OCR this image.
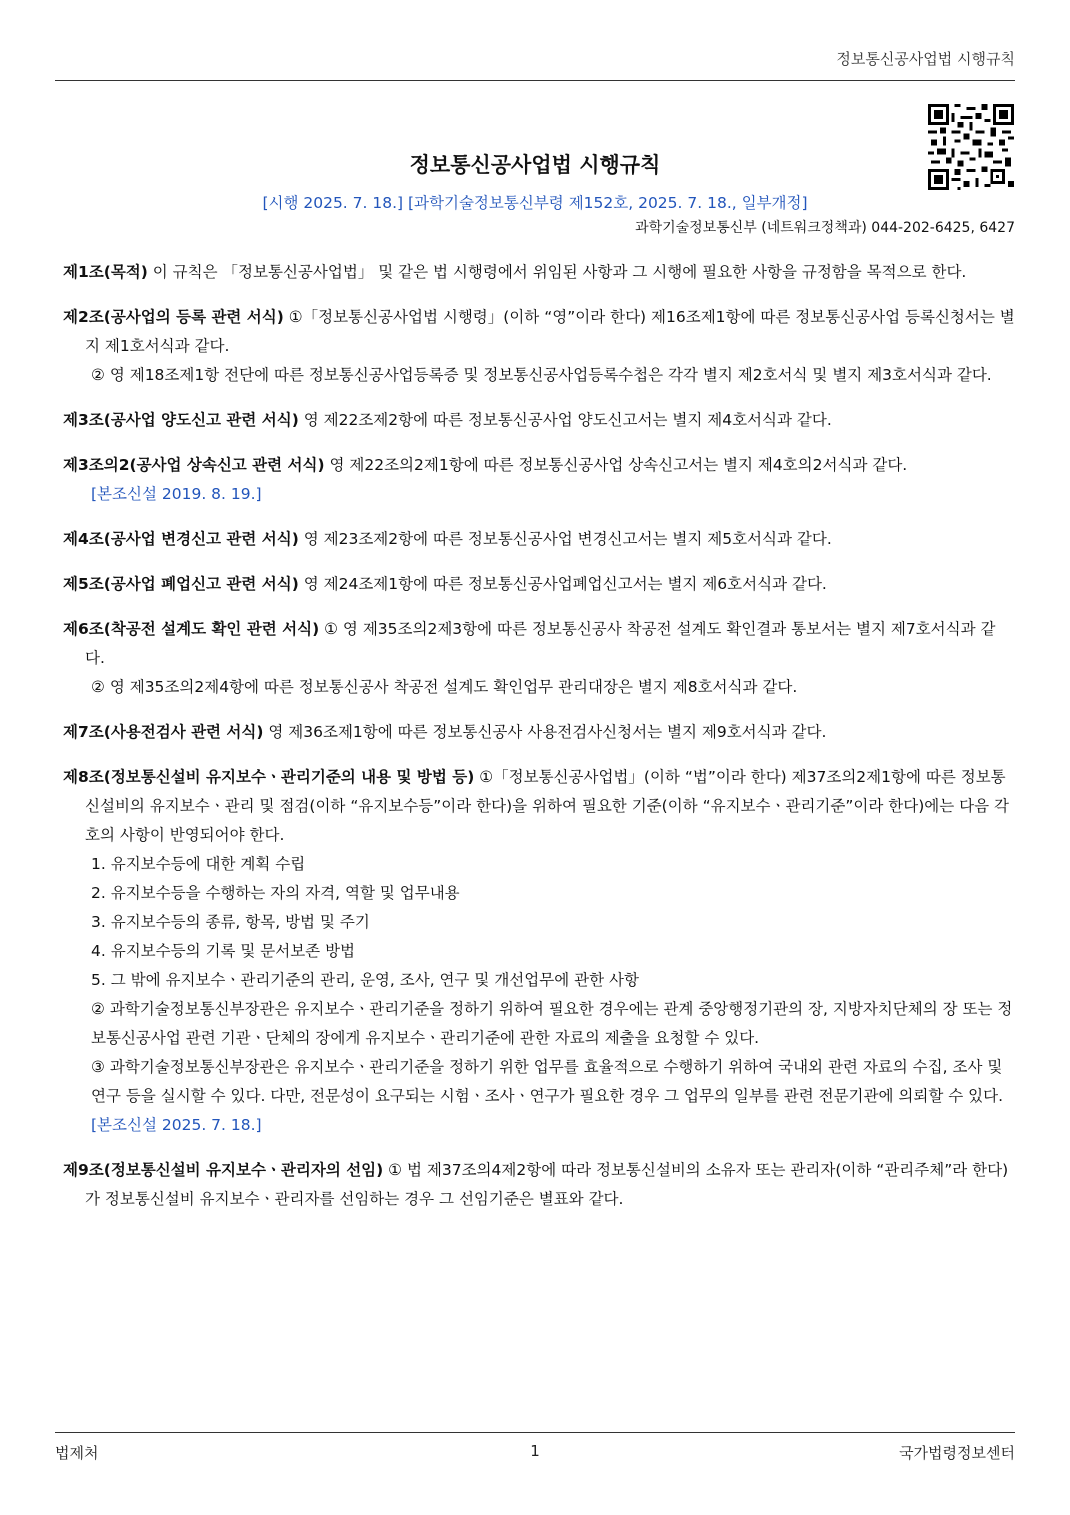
정보통신공사업법 시행규칙
정보통신공사업법 시행규칙
[시행 2025. 7. 18.] [과학기술정보통신부령 제152호, 2025. 7. 18., 일부개정]
과학기술정보통신부 (네트워크정책과) 044-202-6425, 6427

제1조(목적) 이 규칙은 「정보통신공사업법」 및 같은 법 시행령에서 위임된 사항과 그 시행에 필요한 사항을 규정함을 목적으로 한다.

제2조(공사업의 등록 관련 서식) ①「정보통신공사업법 시행령」(이하 “영”이라 한다) 제16조제1항에 따른 정보통신공사업 등록신청서는 별지 제1호서식과 같다.

② 영 제18조제1항 전단에 따른 정보통신공사업등록증 및 정보통신공사업등록수첩은 각각 별지 제2호서식 및 별지 제3호서식과 같다.

제3조(공사업 양도신고 관련 서식) 영 제22조제2항에 따른 정보통신공사업 양도신고서는 별지 제4호서식과 같다.

제3조의2(공사업 상속신고 관련 서식) 영 제22조의2제1항에 따른 정보통신공사업 상속신고서는 별지 제4호의2서식과 같다.

[본조신설 2019. 8. 19.]

제4조(공사업 변경신고 관련 서식) 영 제23조제2항에 따른 정보통신공사업 변경신고서는 별지 제5호서식과 같다.

제5조(공사업 폐업신고 관련 서식) 영 제24조제1항에 따른 정보통신공사업폐업신고서는 별지 제6호서식과 같다.

제6조(착공전 설계도 확인 관련 서식) ① 영 제35조의2제3항에 따른 정보통신공사 착공전 설계도 확인결과 통보서는 별지 제7호서식과 같다.

② 영 제35조의2제4항에 따른 정보통신공사 착공전 설계도 확인업무 관리대장은 별지 제8호서식과 같다.

제7조(사용전검사 관련 서식) 영 제36조제1항에 따른 정보통신공사 사용전검사신청서는 별지 제9호서식과 같다.

제8조(정보통신설비 유지보수ㆍ관리기준의 내용 및 방법 등) ①「정보통신공사업법」(이하 “법”이라 한다) 제37조의2제1항에 따른 정보통신설비의 유지보수ㆍ관리 및 점검(이하 “유지보수등”이라 한다)을 위하여 필요한 기준(이하 “유지보수ㆍ관리기준”이라 한다)에는 다음 각 호의 사항이 반영되어야 한다.

1. 유지보수등에 대한 계획 수립

2. 유지보수등을 수행하는 자의 자격, 역할 및 업무내용

3. 유지보수등의 종류, 항목, 방법 및 주기

4. 유지보수등의 기록 및 문서보존 방법

5. 그 밖에 유지보수ㆍ관리기준의 관리, 운영, 조사, 연구 및 개선업무에 관한 사항

② 과학기술정보통신부장관은 유지보수ㆍ관리기준을 정하기 위하여 필요한 경우에는 관계 중앙행정기관의 장, 지방자치단체의 장 또는 정보통신공사업 관련 기관ㆍ단체의 장에게 유지보수ㆍ관리기준에 관한 자료의 제출을 요청할 수 있다.

③ 과학기술정보통신부장관은 유지보수ㆍ관리기준을 정하기 위한 업무를 효율적으로 수행하기 위하여 국내외 관련 자료의 수집, 조사 및 연구 등을 실시할 수 있다. 다만, 전문성이 요구되는 시험ㆍ조사ㆍ연구가 필요한 경우 그 업무의 일부를 관련 전문기관에 의뢰할 수 있다.

[본조신설 2025. 7. 18.]

제9조(정보통신설비 유지보수ㆍ관리자의 선임) ① 법 제37조의4제2항에 따라 정보통신설비의 소유자 또는 관리자(이하 “관리주체”라 한다)가 정보통신설비 유지보수ㆍ관리자를 선임하는 경우 그 선임기준은 별표와 같다.

법제처	1	국가법령정보센터
